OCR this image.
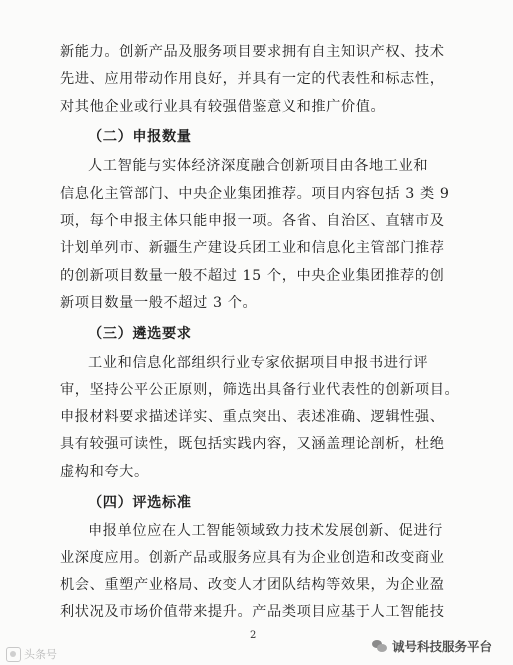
新能力。创新产品及服务项目要求拥有自主知识产权、技术
先进、应用带动作用良好，并具有一定的代表性和标志性，
对其他企业或行业具有较强借鉴意义和推广价值。
（二）申报数量
人工智能与实体经济深度融合创新项目由各地工业和
信息化主管部门、中央企业集团推荐。项目内容包括 3 类 9
项，每个申报主体只能申报一项。各省、自治区、直辖市及
计划单列市、新疆生产建设兵团工业和信息化主管部门推荐
的创新项目数量一般不超过 15 个，中央企业集团推荐的创
新项目数量一般不超过 3 个。
（三）遴选要求
工业和信息化部组织行业专家依据项目申报书进行评
审，坚持公平公正原则，筛选出具备行业代表性的创新项目。
申报材料要求描述详实、重点突出、表述准确、逻辑性强、
具有较强可读性，既包括实践内容，又涵盖理论剖析，杜绝
虚构和夸大。
（四）评选标准
2
头条号
诚号科技服务平台
申报单位应在人工智能领域致力技术发展创新、促进行
业深度应用。创新产品或服务应具有为企业创造和改变商业
机会、重塑产业格局、改变人才团队结构等效果，为企业盈
利状况及市场价值带来提升。产品类项目应基于人工智能技
